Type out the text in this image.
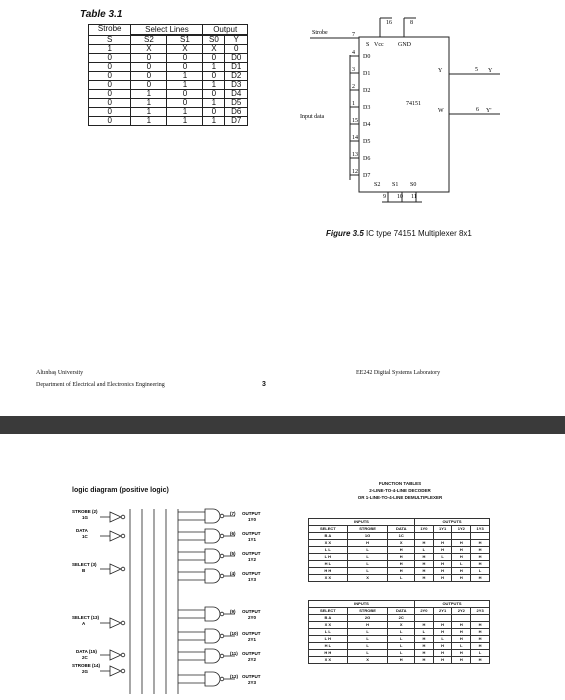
Table 3.1
Strobe	Select Lines		Output	

S	S2	S1	S0	Y
1	X	X	X	0
0	0	0	0	D0
0	0	0	1	D1
0	0	1	0	D2
0	0	1	1	D3
0	1	0	0	D4
0	1	0	1	D5
0	1	1	0	D6
0	1	1	1	D7
16	8
S Vcc GND
Strobe
Input data
74151
Y	5 Y
W	6 Y'
S2 S1 S0
9 10 11
4
D0
3
D1
2
D2
1
D3
15
D4
14
D5
13
D6
12
D7
7
Figure 3.5 IC type 74151 Multiplexer 8x1
Altınbaş University
Department of Electrical and Electronics Engineering	3
EE242 Digital Systems Laboratory
logic diagram (positive logic)
STROBE (2)
1G
DATA
1C
SELECT (3)
B
SELECT (13)
A
DATA (15)
2C
STROBE (14)
2G
(7) OUTPUT
1Y0
(6) OUTPUT
1Y1
(5) OUTPUT
1Y2
(4) OUTPUT
1Y3
(9) OUTPUT
2Y0
(10) OUTPUT
2Y1
(11) OUTPUT
2Y2
(12) OUTPUT
2Y3
FUNCTION TABLES
2-LINE-TO-4-LINE DECODER
OR 1-LINE-TO-4-LINE DEMULTIPLEXER
INPUTS			OUTPUTS			
SELECT	STROBE	DATA	1Y0	1Y1	1Y2	1Y3
B A	1G	1C				
X X	H	X	H	H	H	H
L L	L	H	L	H	H	H
L H	L	H	H	L	H	H
H L	L	H	H	H	L	H
H H	L	H	H	H	H	L
X X	X	L	H	H	H	H
INPUTS			OUTPUTS			
SELECT	STROBE	DATA	2Y0	2Y1	2Y2	2Y3
B A	2G	2C				
X X	H	X	H	H	H	H
L L	L	L	L	H	H	H
L H	L	L	H	L	H	H
H L	L	L	H	H	L	H
H H	L	L	H	H	H	L
X X	X	H	H	H	H	H
